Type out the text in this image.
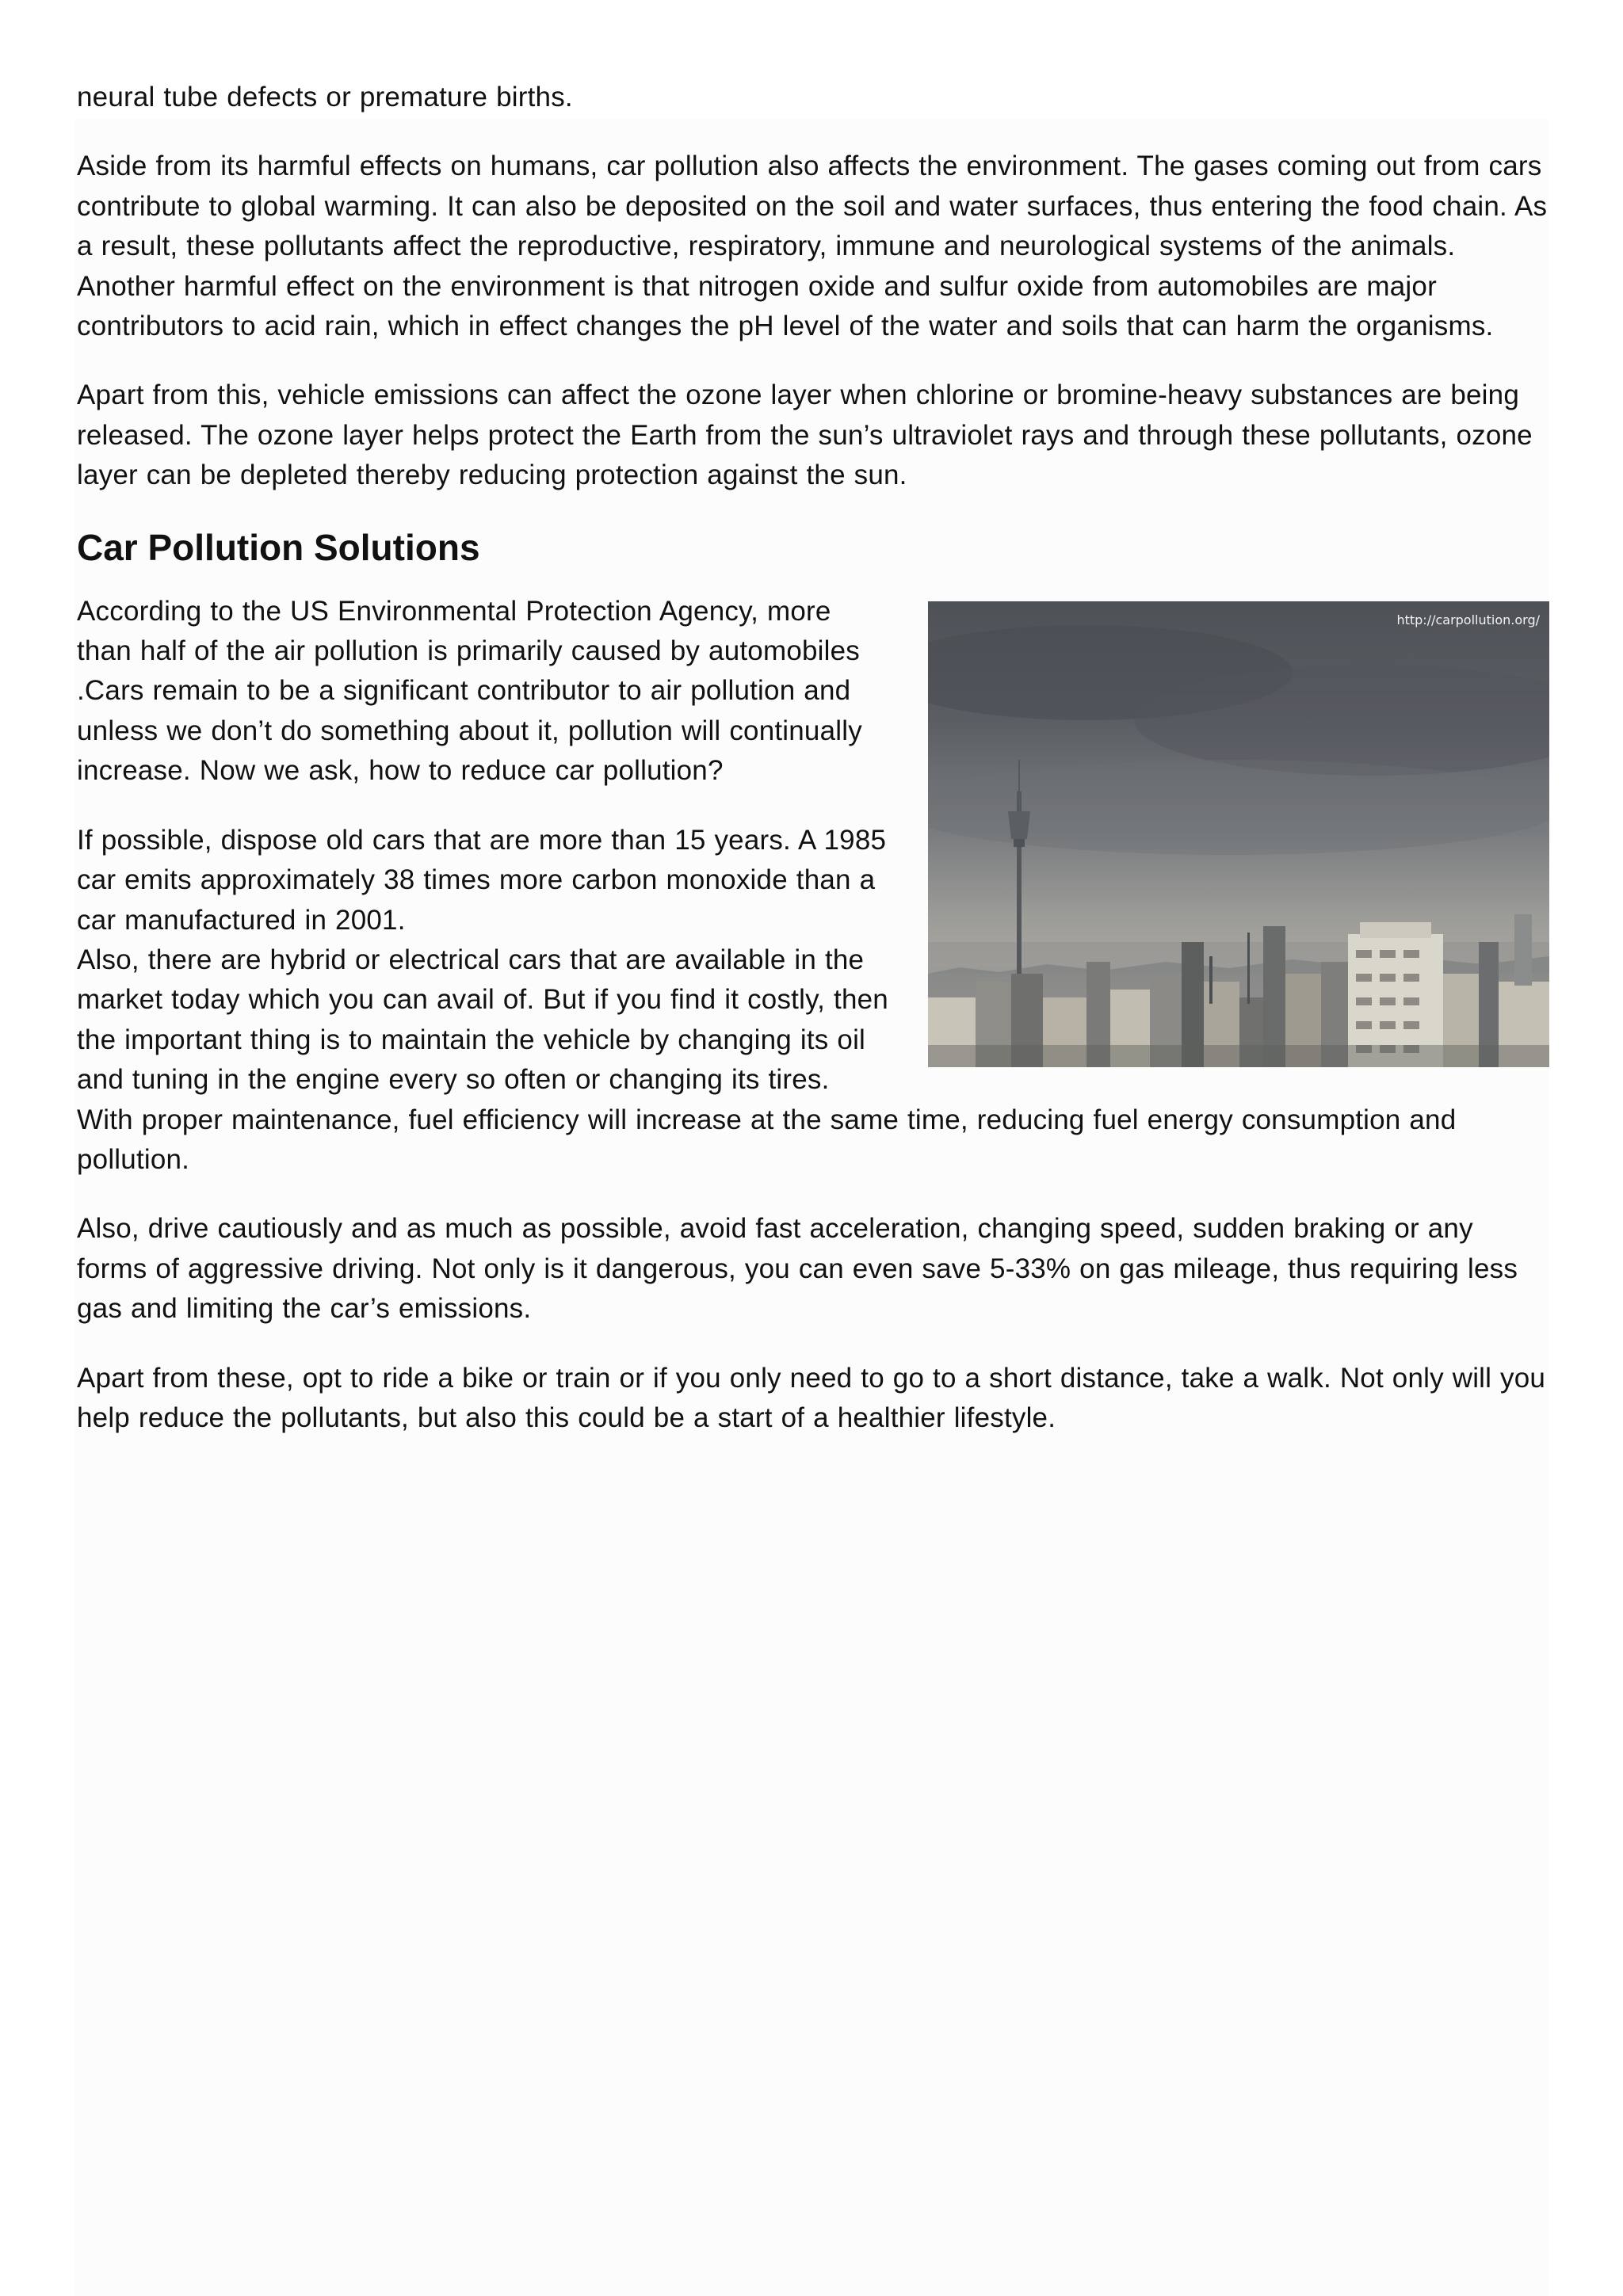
neural tube defects or premature births.

Aside from its harmful effects on humans, car pollution also affects the environment. The gases coming out from cars contribute to global warming. It can also be deposited on the soil and water surfaces, thus entering the food chain. As a result, these pollutants affect the reproductive, respiratory, immune and neurological systems of the animals. Another harmful effect on the environment is that nitrogen oxide and sulfur oxide from automobiles are major contributors to acid rain, which in effect changes the pH level of the water and soils that can harm the organisms.

Apart from this, vehicle emissions can affect the ozone layer when chlorine or bromine-heavy substances are being released. The ozone layer helps protect the Earth from the sun’s ultraviolet rays and through these pollutants, ozone layer can be depleted thereby reducing protection against the sun.

Car Pollution Solutions
http://carpollution.org/

According to the US Environmental Protection Agency, more than half of the air pollution is primarily caused by automobiles .Cars remain to be a significant contributor to air pollution and unless we don’t do something about it, pollution will continually increase. Now we ask, how to reduce car pollution?

If possible, dispose old cars that are more than 15 years. A 1985 car emits approximately 38 times more carbon monoxide than a car manufactured in 2001.
Also, there are hybrid or electrical cars that are available in the market today which you can avail of. But if you find it costly, then the important thing is to maintain the vehicle by changing its oil and tuning in the engine every so often or changing its tires. With proper maintenance, fuel efficiency will increase at the same time, reducing fuel energy consumption and pollution.

Also, drive cautiously and as much as possible, avoid fast acceleration, changing speed, sudden braking or any forms of aggressive driving. Not only is it dangerous, you can even save 5-33% on gas mileage, thus requiring less gas and limiting the car’s emissions.

Apart from these, opt to ride a bike or train or if you only need to go to a short distance, take a walk. Not only will you help reduce the pollutants, but also this could be a start of a healthier lifestyle.
